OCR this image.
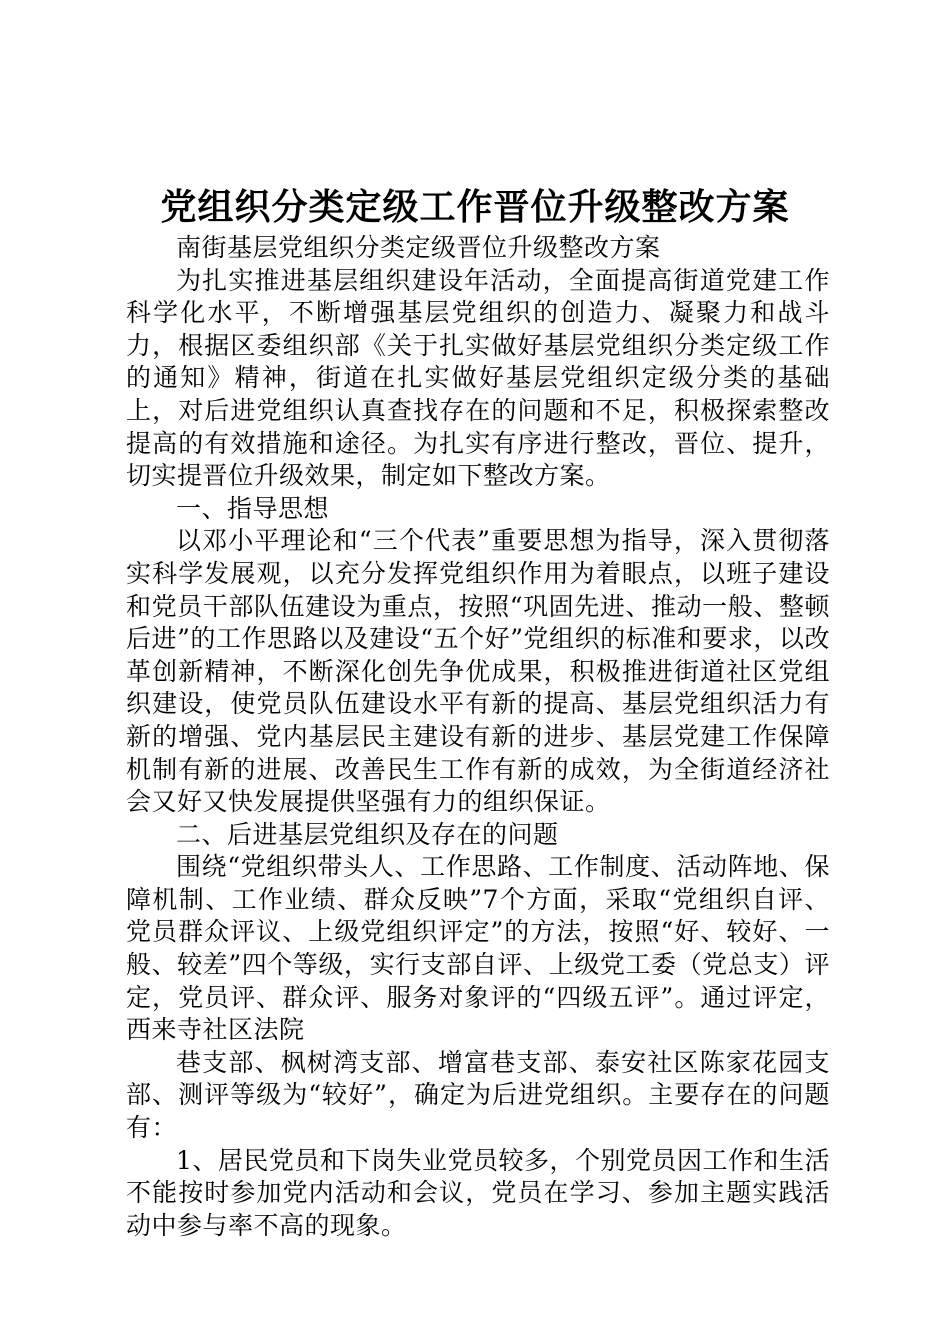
党组织分类定级工作晋位升级整改方案

南街基层党组织分类定级晋位升级整改方案

为扎实推进基层组织建设年活动，全面提高街道党建工作科学化水平，不断增强基层党组织的创造力、凝聚力和战斗力，根据区委组织部《关于扎实做好基层党组织分类定级工作的通知》精神，街道在扎实做好基层党组织定级分类的基础上，对后进党组织认真查找存在的问题和不足，积极探索整改提高的有效措施和途径。为扎实有序进行整改，晋位、提升，切实提晋位升级效果，制定如下整改方案。

一、指导思想

以邓小平理论和“三个代表”重要思想为指导，深入贯彻落实科学发展观，以充分发挥党组织作用为着眼点，以班子建设和党员干部队伍建设为重点，按照“巩固先进、推动一般、整顿后进”的工作思路以及建设“五个好”党组织的标准和要求，以改革创新精神，不断深化创先争优成果，积极推进街道社区党组织建设，使党员队伍建设水平有新的提高、基层党组织活力有新的增强、党内基层民主建设有新的进步、基层党建工作保障机制有新的进展、改善民生工作有新的成效，为全街道经济社会又好又快发展提供坚强有力的组织保证。

二、后进基层党组织及存在的问题

围绕“党组织带头人、工作思路、工作制度、活动阵地、保障机制、工作业绩、群众反映”7个方面，采取“党组织自评、党员群众评议、上级党组织评定”的方法，按照“好、较好、一般、较差”四个等级，实行支部自评、上级党工委（党总支）评定，党员评、群众评、服务对象评的“四级五评”。通过评定，西来寺社区法院

巷支部、枫树湾支部、增富巷支部、泰安社区陈家花园支部、测评等级为“较好”，确定为后进党组织。主要存在的问题有：

1、居民党员和下岗失业党员较多，个别党员因工作和生活不能按时参加党内活动和会议，党员在学习、参加主题实践活动中参与率不高的现象。
